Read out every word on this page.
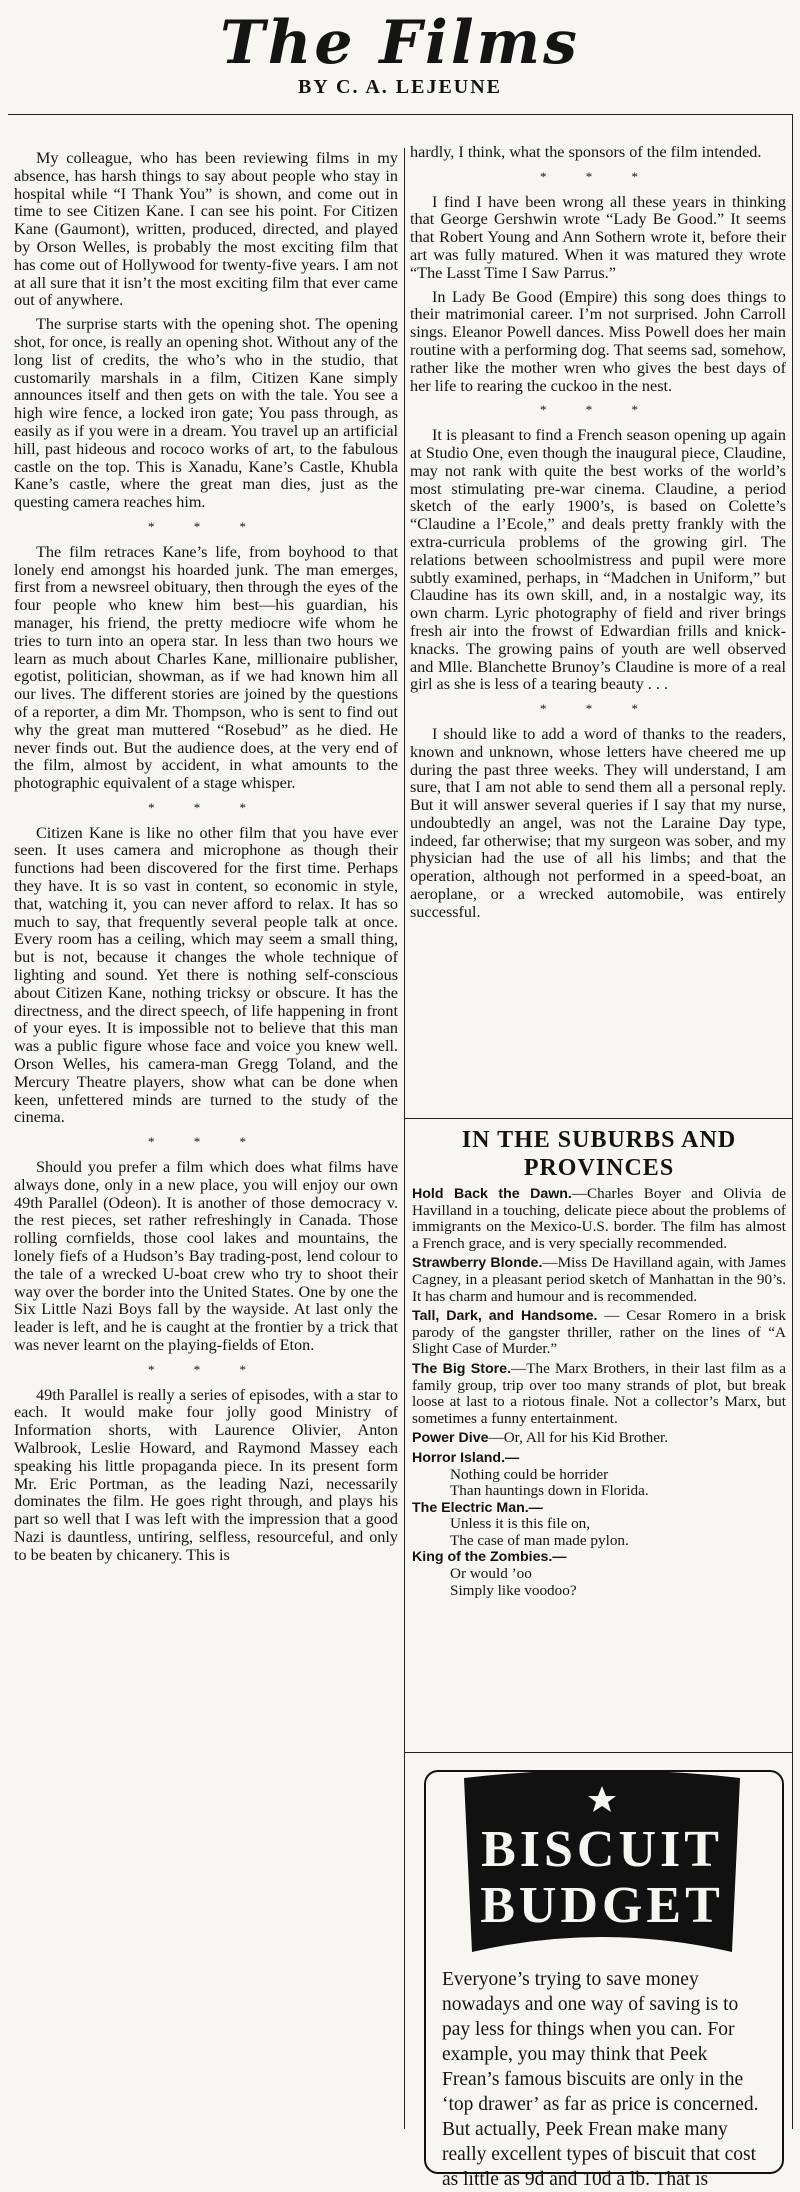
The Films
BY C. A. LEJEUNE

My colleague, who has been reviewing films in my absence, has harsh things to say about people who stay in hospital while “I Thank You” is shown, and come out in time to see Citizen Kane. I can see his point. For Citizen Kane (Gaumont), written, produced, directed, and played by Orson Welles, is probably the most exciting film that has come out of Hollywood for twenty-five years. I am not at all sure that it isn’t the most exciting film that ever came out of anywhere.

The surprise starts with the opening shot. The opening shot, for once, is really an opening shot. Without any of the long list of credits, the who’s who in the studio, that customarily marshals in a film, Citizen Kane simply announces itself and then gets on with the tale. You see a high wire fence, a locked iron gate; You pass through, as easily as if you were in a dream. You travel up an artificial hill, past hideous and rococo works of art, to the fabulous castle on the top. This is Xanadu, Kane’s Castle, Khubla Kane’s castle, where the great man dies, just as the questing camera reaches him.

* * *

The film retraces Kane’s life, from boyhood to that lonely end amongst his hoarded junk. The man emerges, first from a newsreel obituary, then through the eyes of the four people who knew him best—his guardian, his manager, his friend, the pretty mediocre wife whom he tries to turn into an opera star. In less than two hours we learn as much about Charles Kane, millionaire publisher, egotist, politician, showman, as if we had known him all our lives. The different stories are joined by the questions of a reporter, a dim Mr. Thompson, who is sent to find out why the great man muttered “Rosebud” as he died. He never finds out. But the audience does, at the very end of the film, almost by accident, in what amounts to the photographic equivalent of a stage whisper.

* * *

Citizen Kane is like no other film that you have ever seen. It uses camera and microphone as though their functions had been discovered for the first time. Perhaps they have. It is so vast in content, so economic in style, that, watching it, you can never afford to relax. It has so much to say, that frequently several people talk at once. Every room has a ceiling, which may seem a small thing, but is not, because it changes the whole technique of lighting and sound. Yet there is nothing self-conscious about Citizen Kane, nothing tricksy or obscure. It has the directness, and the direct speech, of life happening in front of your eyes. It is impossible not to believe that this man was a public figure whose face and voice you knew well. Orson Welles, his camera-man Gregg Toland, and the Mercury Theatre players, show what can be done when keen, unfettered minds are turned to the study of the cinema.

* * *

Should you prefer a film which does what films have always done, only in a new place, you will enjoy our own 49th Parallel (Odeon). It is another of those democracy v. the rest pieces, set rather refreshingly in Canada. Those rolling cornfields, those cool lakes and mountains, the lonely fiefs of a Hudson’s Bay trading-post, lend colour to the tale of a wrecked U-boat crew who try to shoot their way over the border into the United States. One by one the Six Little Nazi Boys fall by the wayside. At last only the leader is left, and he is caught at the frontier by a trick that was never learnt on the playing-fields of Eton.

* * *

49th Parallel is really a series of episodes, with a star to each. It would make four jolly good Ministry of Information shorts, with Laurence Olivier, Anton Walbrook, Leslie Howard, and Raymond Massey each speaking his little propaganda piece. In its present form Mr. Eric Portman, as the leading Nazi, necessarily dominates the film. He goes right through, and plays his part so well that I was left with the impression that a good Nazi is dauntless, untiring, selfless, resourceful, and only to be beaten by chicanery. This is

hardly, I think, what the sponsors of the film intended.

* * *

I find I have been wrong all these years in thinking that George Gershwin wrote “Lady Be Good.” It seems that Robert Young and Ann Sothern wrote it, before their art was fully matured. When it was matured they wrote “The Lasst Time I Saw Parrus.”

In Lady Be Good (Empire) this song does things to their matrimonial career. I’m not surprised. John Carroll sings. Eleanor Powell dances. Miss Powell does her main routine with a performing dog. That seems sad, somehow, rather like the mother wren who gives the best days of her life to rearing the cuckoo in the nest.

* * *

It is pleasant to find a French season opening up again at Studio One, even though the inaugural piece, Claudine, may not rank with quite the best works of the world’s most stimulating pre-war cinema. Claudine, a period sketch of the early 1900’s, is based on Colette’s “Claudine a l’Ecole,” and deals pretty frankly with the extra-curricula problems of the growing girl. The relations between schoolmistress and pupil were more subtly examined, perhaps, in “Madchen in Uniform,” but Claudine has its own skill, and, in a nostalgic way, its own charm. Lyric photography of field and river brings fresh air into the frowst of Edwardian frills and knick-knacks. The growing pains of youth are well observed and Mlle. Blanchette Brunoy’s Claudine is more of a real girl as she is less of a tearing beauty . . .

* * *

I should like to add a word of thanks to the readers, known and unknown, whose letters have cheered me up during the past three weeks. They will understand, I am sure, that I am not able to send them all a personal reply. But it will answer several queries if I say that my nurse, undoubtedly an angel, was not the Laraine Day type, indeed, far otherwise; that my surgeon was sober, and my physician had the use of all his limbs; and that the operation, although not performed in a speed-boat, an aeroplane, or a wrecked automobile, was entirely successful.

IN THE SUBURBS AND PROVINCES

Hold Back the Dawn.—Charles Boyer and Olivia de Havilland in a touching, delicate piece about the problems of immigrants on the Mexico-U.S. border. The film has almost a French grace, and is very specially recommended.

Strawberry Blonde.—Miss De Havilland again, with James Cagney, in a pleasant period sketch of Manhattan in the 90’s. It has charm and humour and is recommended.

Tall, Dark, and Handsome. — Cesar Romero in a brisk parody of the gangster thriller, rather on the lines of “A Slight Case of Murder.”

The Big Store.—The Marx Brothers, in their last film as a family group, trip over too many strands of plot, but break loose at last to a riotous finale. Not a collector’s Marx, but sometimes a funny entertainment.

Power Dive—Or, All for his Kid Brother.

Horror Island.—

Nothing could be horrider
Than hauntings down in Florida.

The Electric Man.—

Unless it is this file on,
The case of man made pylon.

King of the Zombies.—

Or would ’oo
Simply like voodoo?
BISCUIT
BUDGET
Everyone’s trying to save money nowadays and one way of saving is to pay less for things when you can. For example, you may think that Peek Frean’s famous biscuits are only in the ‘top drawer’ as far as price is concerned. But actually, Peek Frean make many really excellent types of biscuit that cost as little as 9d and 10d a lb. That is
